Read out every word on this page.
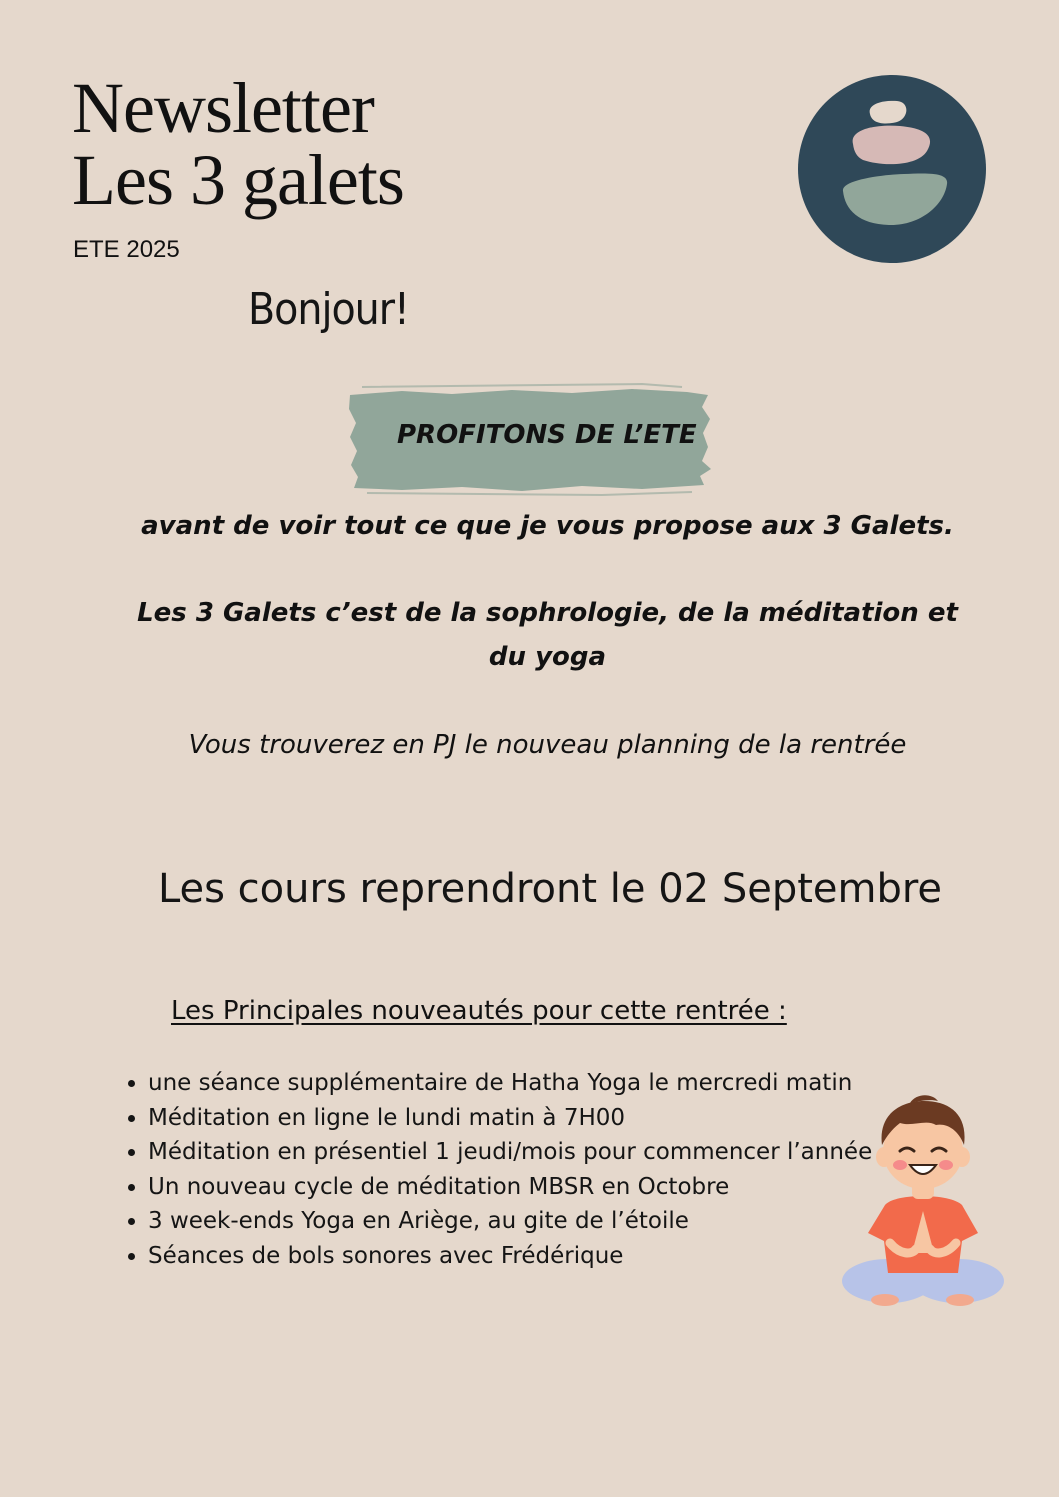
Newsletter
Les 3 galets
ETE 2025
Bonjour!
PROFITONS DE L’ETE
avant de voir tout ce que je vous propose aux 3 Galets.
Les 3 Galets c’est de la sophrologie, de la méditation et du yoga
Vous trouverez en PJ le nouveau planning de la rentrée
Les cours reprendront le 02 Septembre
Les Principales nouveautés pour cette rentrée :
• une séance supplémentaire de Hatha Yoga le mercredi matin
• Méditation en ligne le lundi matin à 7H00
• Méditation en présentiel 1 jeudi/mois pour commencer l’année
• Un nouveau cycle de méditation MBSR en Octobre
• 3 week-ends Yoga en Ariège, au gite de l’étoile
• Séances de bols sonores avec Frédérique
